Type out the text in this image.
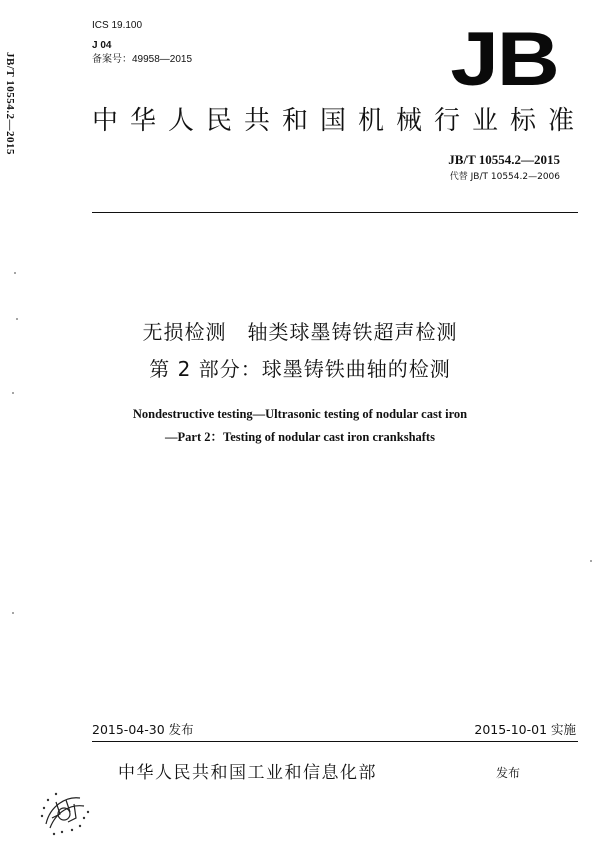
JB/T 10554.2—2015
ICS 19.100
J 04
备案号：49958—2015	JB
中华人民共和国机械行业标准
JB/T 10554.2—2015
代替 JB/T 10554.2—2006
无损检测　轴类球墨铸铁超声检测
第 2 部分：球墨铸铁曲轴的检测
Nondestructive testing—Ultrasonic testing of nodular cast iron
—Part 2：Testing of nodular cast iron crankshafts
2015-04-30 发布	2015-10-01 实施
中华人民共和国工业和信息化部	发布
